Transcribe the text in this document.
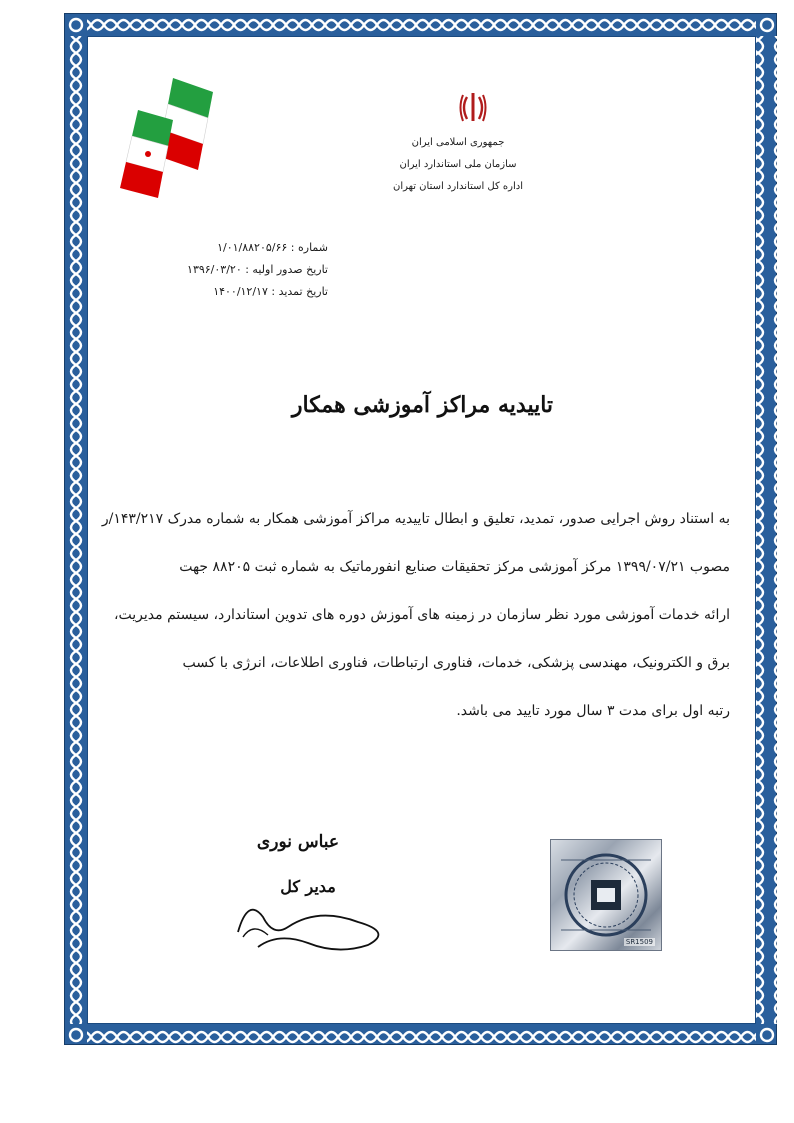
جمهوری اسلامی ایران
سازمان ملی استاندارد ایران
اداره کل استاندارد استان تهران
شماره : ۱/۰۱/۸۸۲۰۵/۶۶
تاریخ صدور اولیه : ۱۳۹۶/۰۳/۲۰
تاریخ تمدید : ۱۴۰۰/۱۲/۱۷
تاییدیه مراکز آموزشی همکار
به استناد روش اجرایی صدور، تمدید، تعلیق و ابطال تاییدیه مراکز آموزشی همکار به شماره مدرک ۱۴۳/۲۱۷/ر
مصوب ۱۳۹۹/۰۷/۲۱ مرکز آموزشی مرکز تحقیقات صنایع انفورماتیک به شماره ثبت ۸۸۲۰۵ جهت
ارائه خدمات آموزشی مورد نظر سازمان در زمینه های آموزش دوره های تدوین استاندارد، سیستم مدیریت،
برق و الکترونیک، مهندسی پزشکی، خدمات، فناوری ارتباطات، فناوری اطلاعات، انرژی با کسب
رتبه اول برای مدت ۳ سال مورد تایید می باشد.
عباس نوری
مدیر کل
SR1509
